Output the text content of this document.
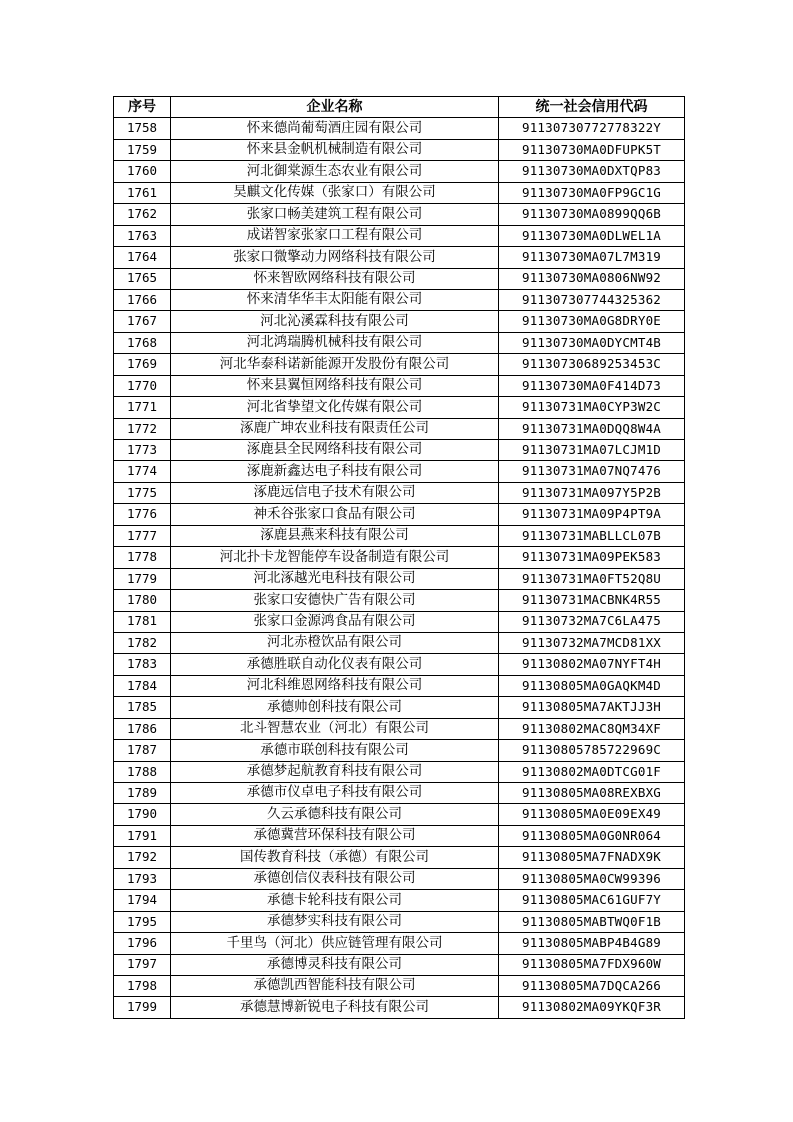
序号	企业名称	统一社会信用代码
1758	怀来德尚葡萄酒庄园有限公司	91130730772778322Y
1759	怀来县金帆机械制造有限公司	91130730MA0DFUPK5T
1760	河北御棠源生态农业有限公司	91130730MA0DXTQP83
1761	昊麒文化传媒（张家口）有限公司	91130730MA0FP9GC1G
1762	张家口畅美建筑工程有限公司	91130730MA0899QQ6B
1763	成诺智家张家口工程有限公司	91130730MA0DLWEL1A
1764	张家口微擎动力网络科技有限公司	91130730MA07L7M319
1765	怀来智欧网络科技有限公司	91130730MA0806NW92
1766	怀来清华华丰太阳能有限公司	911307307744325362
1767	河北沁溪霖科技有限公司	91130730MA0G8DRY0E
1768	河北鸿瑞腾机械科技有限公司	91130730MA0DYCMT4B
1769	河北华泰科诺新能源开发股份有限公司	91130730689253453C
1770	怀来县翼恒网络科技有限公司	91130730MA0F414D73
1771	河北省挚望文化传媒有限公司	91130731MA0CYP3W2C
1772	涿鹿广坤农业科技有限责任公司	91130731MA0DQQ8W4A
1773	涿鹿县全民网络科技有限公司	91130731MA07LCJM1D
1774	涿鹿新鑫达电子科技有限公司	91130731MA07NQ7476
1775	涿鹿远信电子技术有限公司	91130731MA097Y5P2B
1776	神禾谷张家口食品有限公司	91130731MA09P4PT9A
1777	涿鹿县燕来科技有限公司	91130731MABLLCL07B
1778	河北扑卡龙智能停车设备制造有限公司	91130731MA09PEK583
1779	河北涿越光电科技有限公司	91130731MA0FT52Q8U
1780	张家口安德快广告有限公司	91130731MACBNK4R55
1781	张家口金源鸿食品有限公司	91130732MA7C6LA475
1782	河北赤橙饮品有限公司	91130732MA7MCD81XX
1783	承德胜联自动化仪表有限公司	91130802MA07NYFT4H
1784	河北科维恩网络科技有限公司	91130805MA0GAQKM4D
1785	承德帅创科技有限公司	91130805MA7AKTJJ3H
1786	北斗智慧农业（河北）有限公司	91130802MAC8QM34XF
1787	承德市联创科技有限公司	91130805785722969C
1788	承德梦起航教育科技有限公司	91130802MA0DTCG01F
1789	承德市仪卓电子科技有限公司	91130805MA08REXBXG
1790	久云承德科技有限公司	91130805MA0E09EX49
1791	承德冀营环保科技有限公司	91130805MA0G0NR064
1792	国传教育科技（承德）有限公司	91130805MA7FNADX9K
1793	承德创信仪表科技有限公司	91130805MA0CW99396
1794	承德卡轮科技有限公司	91130805MAC61GUF7Y
1795	承德梦实科技有限公司	91130805MABTWQ0F1B
1796	千里鸟（河北）供应链管理有限公司	91130805MABP4B4G89
1797	承德博灵科技有限公司	91130805MA7FDX960W
1798	承德凯西智能科技有限公司	91130805MA7DQCA266
1799	承德慧博新锐电子科技有限公司	91130802MA09YKQF3R
